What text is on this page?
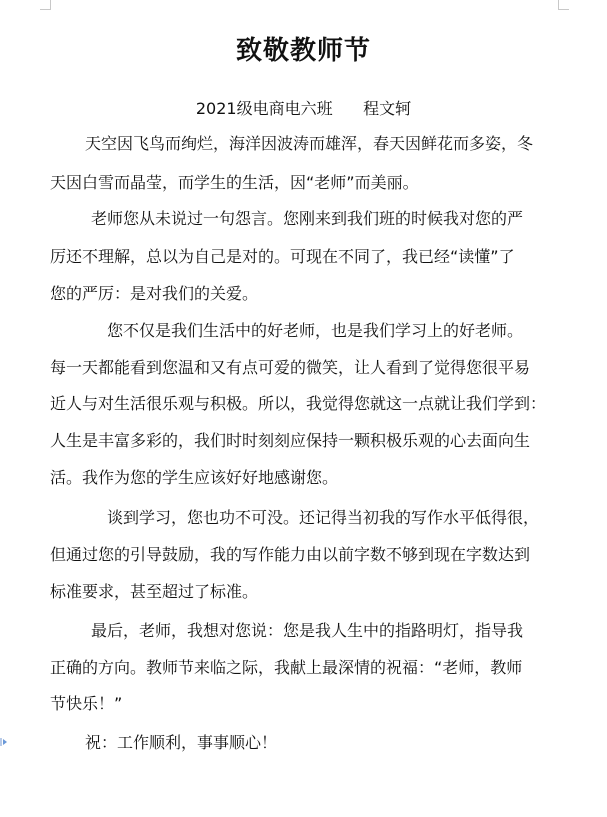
致敬教师节
2021级电商电六班      程文轲
天空因飞鸟而绚烂，海洋因波涛而雄浑，春天因鲜花而多姿，冬
天因白雪而晶莹，而学生的生活，因“老师”而美丽。
老师您从未说过一句怨言。您刚来到我们班的时候我对您的严
厉还不理解，总以为自己是对的。可现在不同了，我已经“读懂”了
您的严厉：是对我们的关爱。
您不仅是我们生活中的好老师，也是我们学习上的好老师。
每一天都能看到您温和又有点可爱的微笑，让人看到了觉得您很平易
近人与对生活很乐观与积极。所以，我觉得您就这一点就让我们学到：
人生是丰富多彩的，我们时时刻刻应保持一颗积极乐观的心去面向生
活。我作为您的学生应该好好地感谢您。
谈到学习，您也功不可没。还记得当初我的写作水平低得很，
但通过您的引导鼓励，我的写作能力由以前字数不够到现在字数达到
标准要求，甚至超过了标准。
最后，老师，我想对您说：您是我人生中的指路明灯，指导我
正确的方向。教师节来临之际，我献上最深情的祝福：“老师，教师
节快乐！”
祝：工作顺利，事事顺心！
